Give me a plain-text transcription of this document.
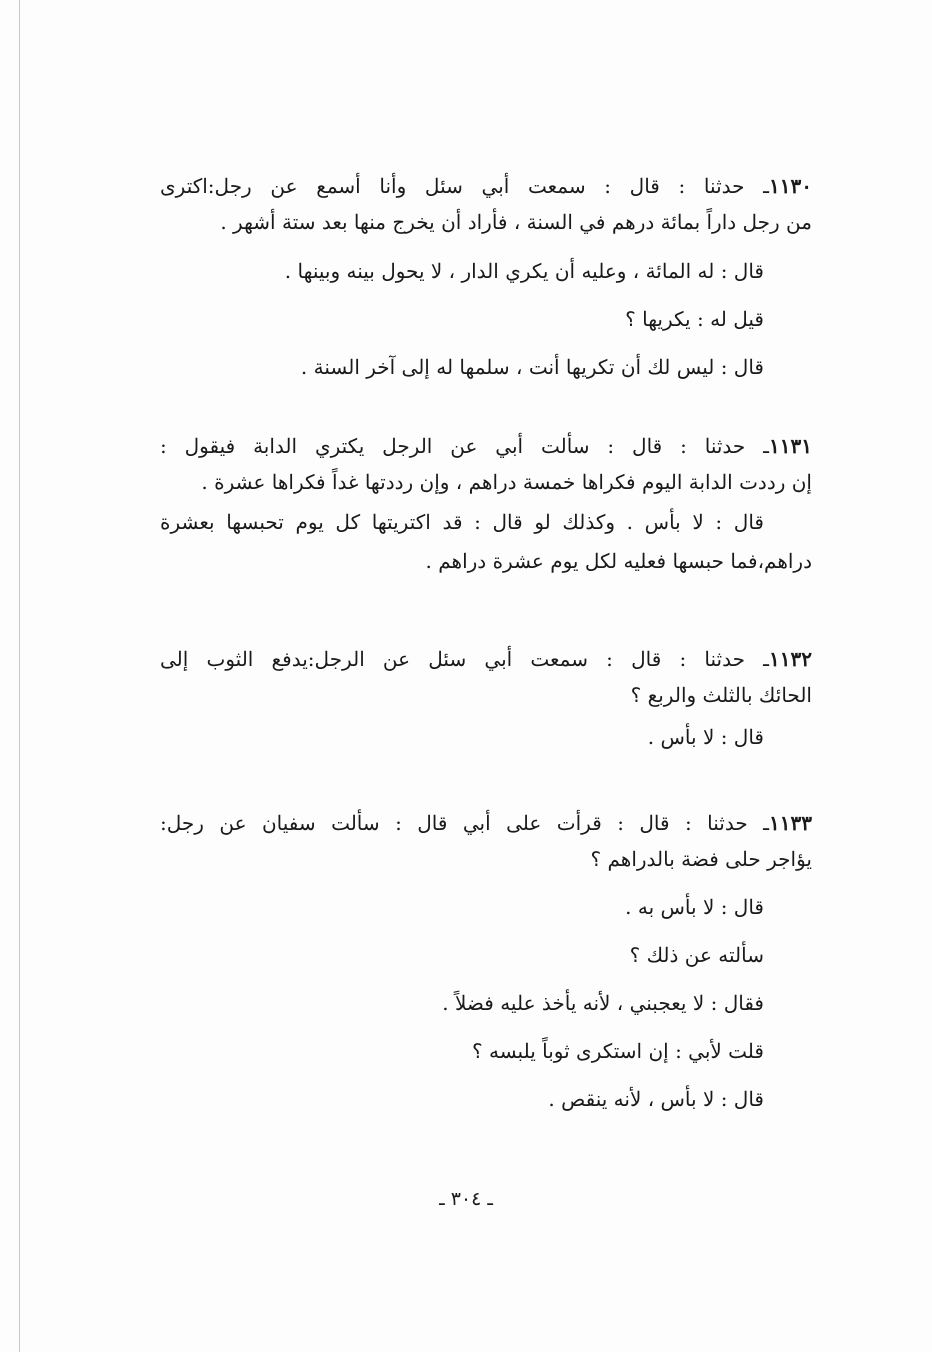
١١٣٠ـ حدثنا : قال : سمعت أبي سئل وأنا أسمع عن رجل:اكترى
من رجل داراً بمائة درهم في السنة ، فأراد أن يخرج منها بعد ستة أشهر .
قال : له المائة ، وعليه أن يكري الدار ، لا يحول بينه وبينها .
قيل له : يكريها ؟
قال : ليس لك أن تكريها أنت ، سلمها له إلى آخر السنة .
١١٣١ـ حدثنا : قال : سألت أبي عن الرجل يكتري الدابة فيقول :
إن رددت الدابة اليوم فكراها خمسة دراهم ، وإن رددتها غداً فكراها عشرة .
قال : لا بأس . وكذلك لو قال : قد اكتريتها كل يوم تحبسها بعشرة
دراهم،فما حبسها فعليه لكل يوم عشرة دراهم .
١١٣٢ـ حدثنا : قال : سمعت أبي سئل عن الرجل:يدفع الثوب إلى
الحائك بالثلث والربع ؟
قال : لا بأس .
١١٣٣ـ حدثنا : قال : قرأت على أبي قال : سألت سفيان عن رجل:
يؤاجر حلى فضة بالدراهم ؟
قال : لا بأس به .
سألته عن ذلك ؟
فقال : لا يعجبني ، لأنه يأخذ عليه فضلاً .
قلت لأبي : إن استكرى ثوباً يلبسه ؟
قال : لا بأس ، لأنه ينقص .
ـ ٣٠٤ ـ
